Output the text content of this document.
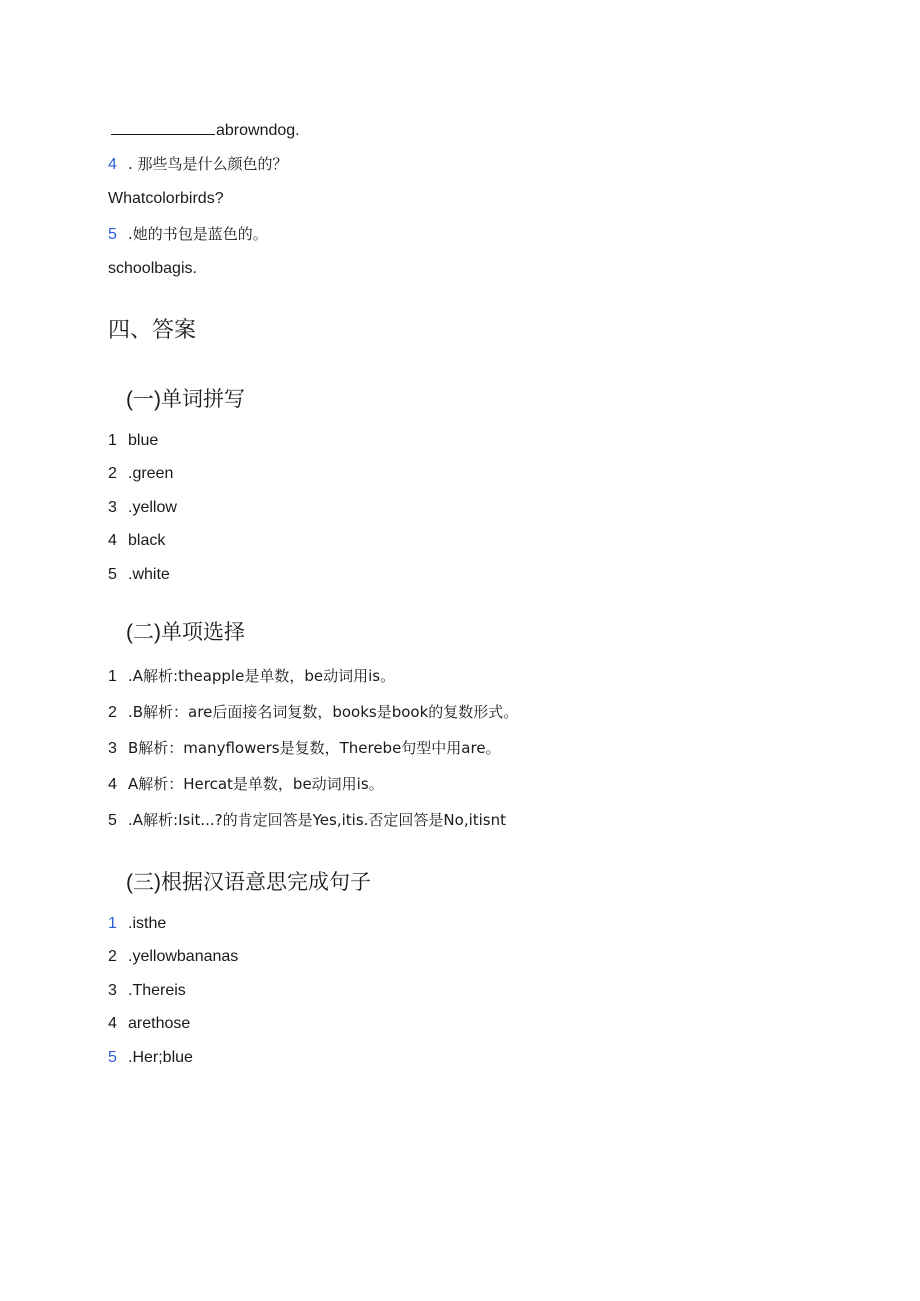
abrowndog.
4 . 那些鸟是什么颜色的？
Whatcolorbirds?
5 .她的书包是蓝色的。
schoolbagis.
四、答案
(一)单词拼写
1 blue
2 .green
3 .yellow
4 black
5 .white
(二)单项选择
1 .A解析:theapple是单数，be动词用is。
2 .B解析：are后面接名词复数，books是book的复数形式。
3 B解析：manyflowers是复数，Therebe句型中用are。
4 A解析：Hercat是单数，be动词用is。
5 .A解析:Isit...?的肯定回答是Yes,itis.否定回答是No,itisnt
(三)根据汉语意思完成句子
1 .isthe
2 .yellowbananas
3 .Thereis
4 arethose
5 .Her;blue
